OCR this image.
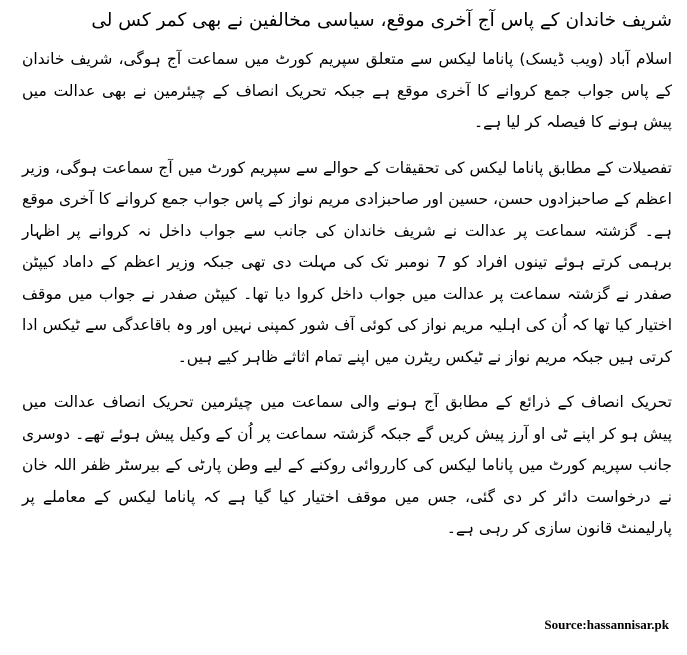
شریف خاندان کے پاس آج آخری موقع، سیاسی مخالفین نے بھی کمر کس لی

اسلام آباد (ویب ڈیسک) پاناما لیکس سے متعلق سپریم کورٹ میں سماعت آج ہوگی، شریف خاندان کے پاس جواب جمع کروانے کا آخری موقع ہے جبکہ تحریک انصاف کے چیئرمین نے بھی عدالت میں پیش ہونے کا فیصلہ کر لیا ہے۔

تفصیلات کے مطابق پاناما لیکس کی تحقیقات کے حوالے سے سپریم کورٹ میں آج سماعت ہوگی، وزیر اعظم کے صاحبزادوں حسن، حسین اور صاحبزادی مریم نواز کے پاس جواب جمع کروانے کا آخری موقع ہے۔ گزشتہ سماعت پر عدالت نے شریف خاندان کی جانب سے جواب داخل نہ کروانے پر اظہار برہمی کرتے ہوئے تینوں افراد کو 7 نومبر تک کی مہلت دی تھی جبکہ وزیر اعظم کے داماد کیپٹن صفدر نے گزشتہ سماعت پر عدالت میں جواب داخل کروا دیا تھا۔ کیپٹن صفدر نے جواب میں موقف اختیار کیا تھا کہ اُن کی اہلیہ مریم نواز کی کوئی آف شور کمپنی نہیں اور وہ باقاعدگی سے ٹیکس ادا کرتی ہیں جبکہ مریم نواز نے ٹیکس ریٹرن میں اپنے تمام اثاثے ظاہر کیے ہیں۔

تحریک انصاف کے ذرائع کے مطابق آج ہونے والی سماعت میں چیئرمین تحریک انصاف عدالت میں پیش ہو کر اپنے ٹی او آرز پیش کریں گے جبکہ گزشتہ سماعت پر اُن کے وکیل پیش ہوئے تھے۔ دوسری جانب سپریم کورٹ میں پاناما لیکس کی کارروائی روکنے کے لیے وطن پارٹی کے بیرسٹر ظفر اللہ خان نے درخواست دائر کر دی گئی، جس میں موقف اختیار کیا گیا ہے کہ پاناما لیکس کے معاملے پر پارلیمنٹ قانون سازی کر رہی ہے۔

Source:hassannisar.pk
